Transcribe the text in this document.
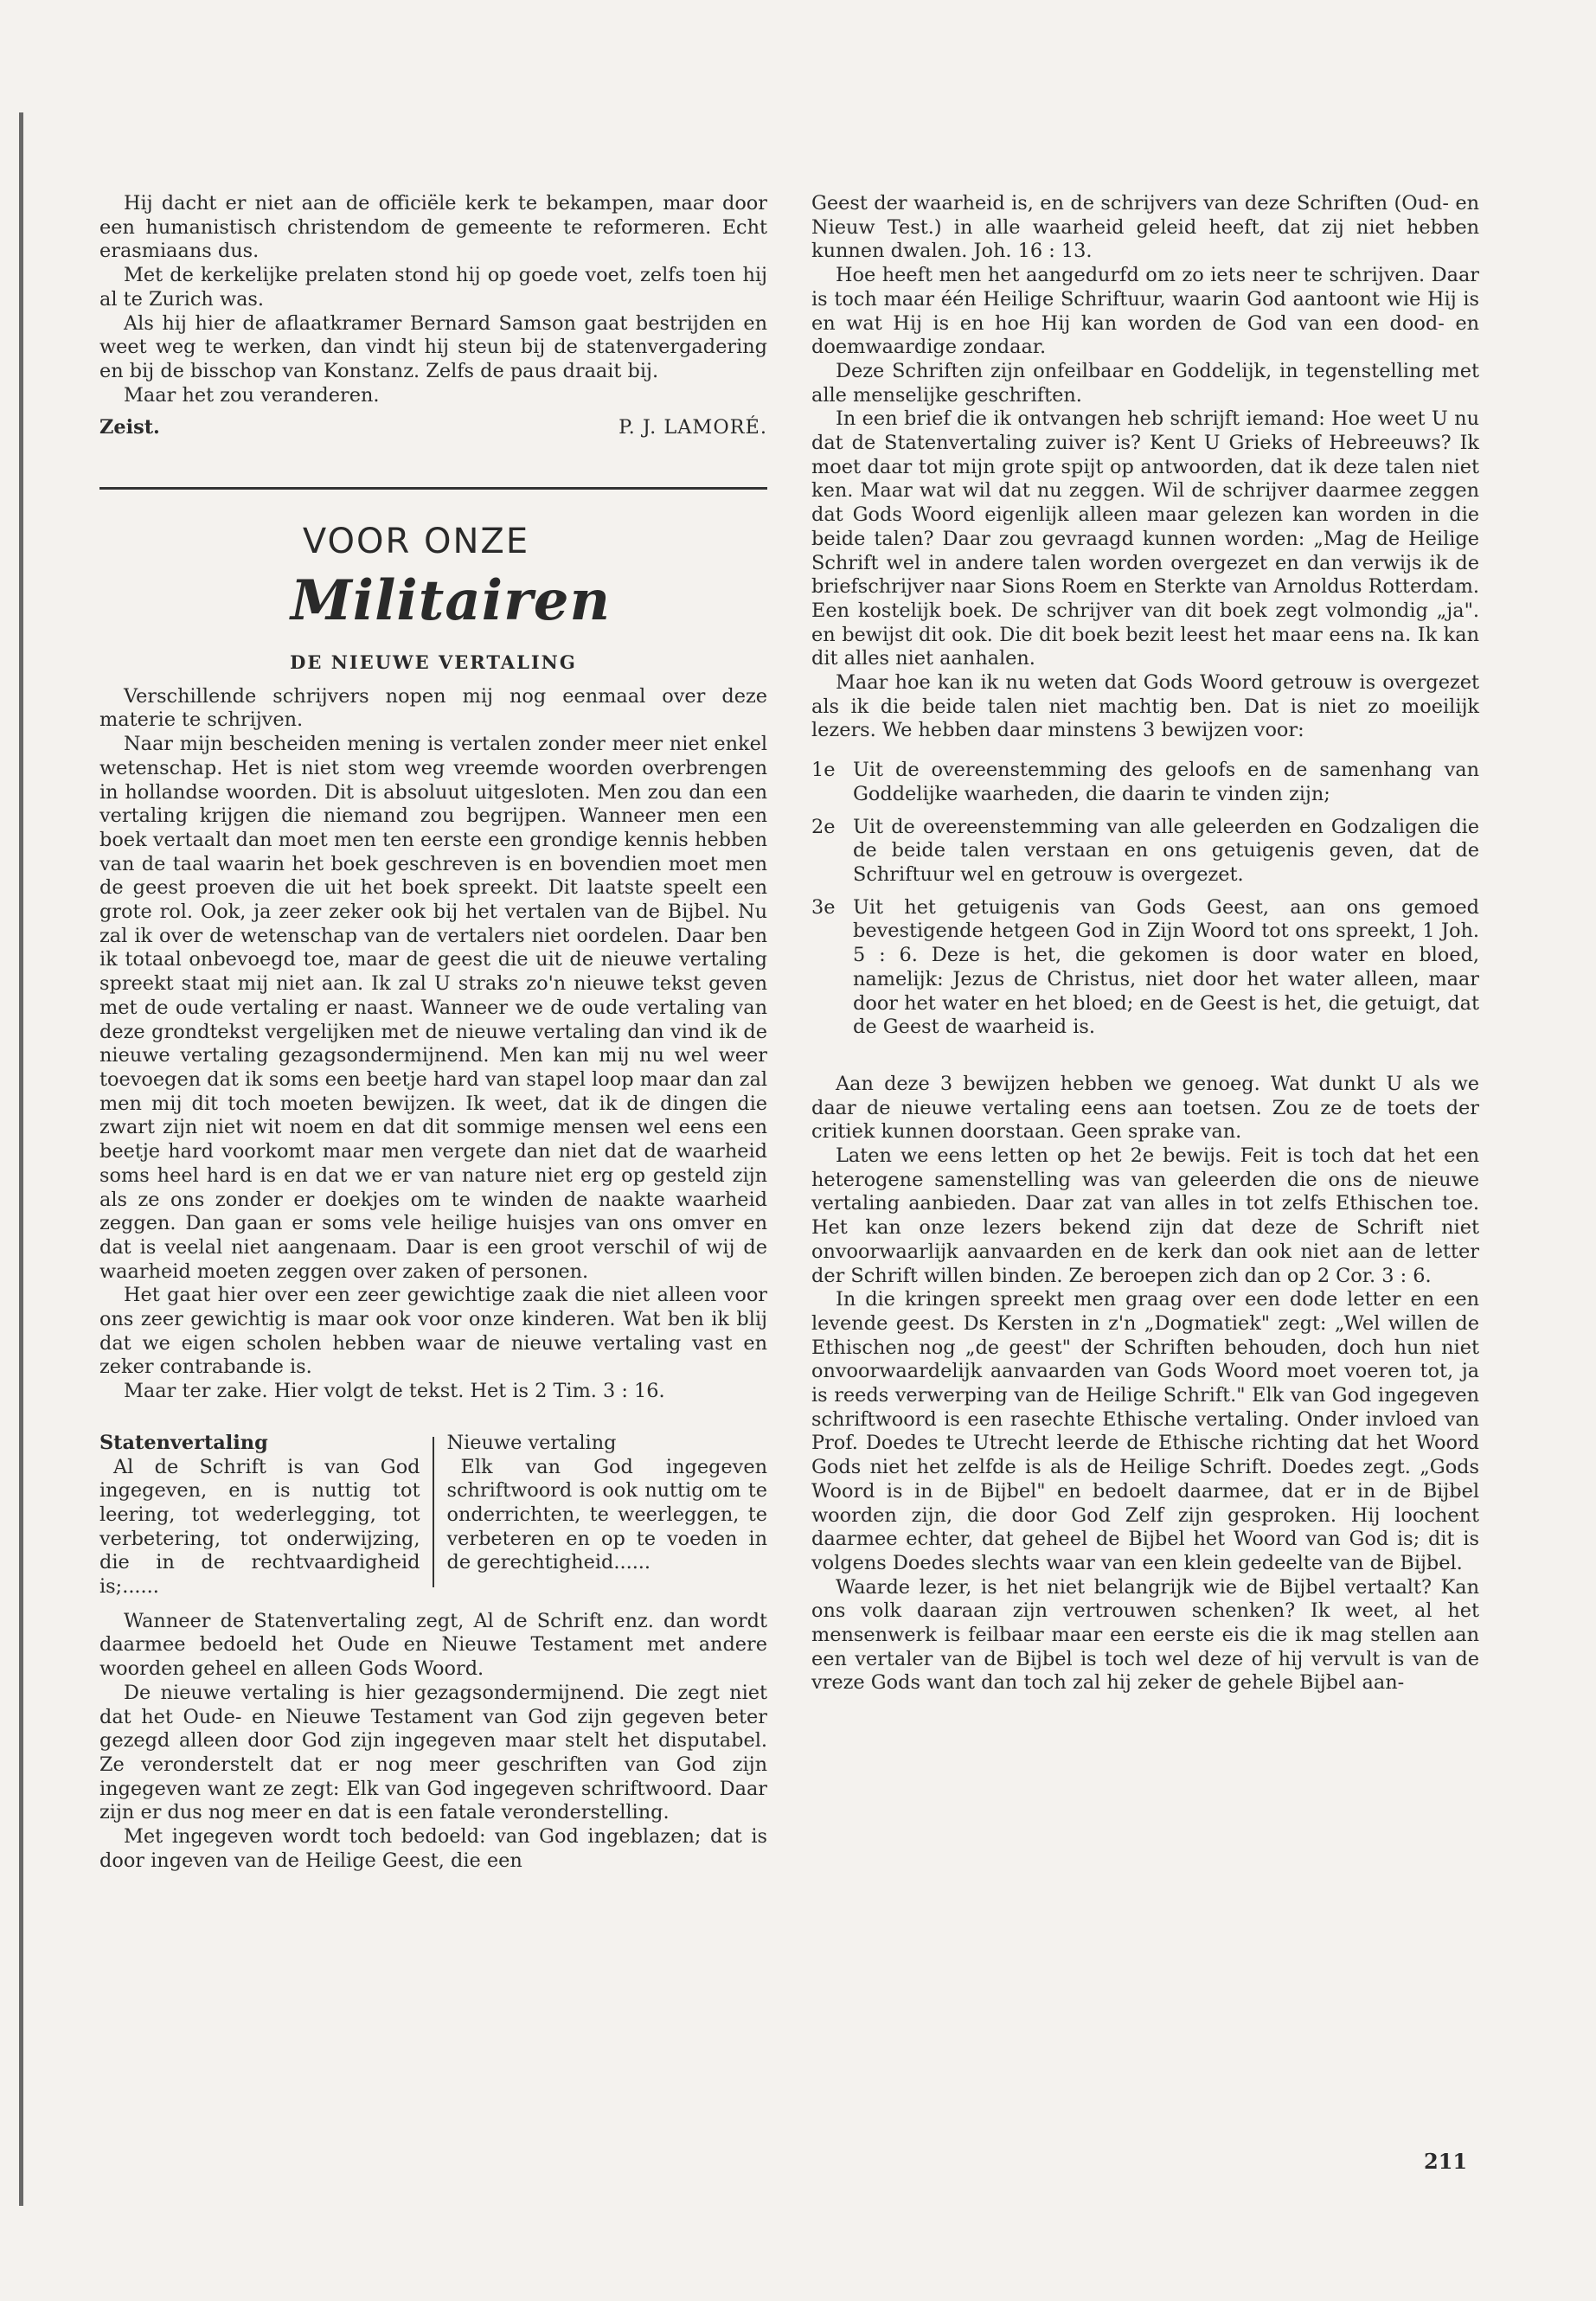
Hij dacht er niet aan de officiële kerk te bekampen, maar door een humanistisch christendom de gemeente te reformeren. Echt erasmiaans dus.

Met de kerkelijke prelaten stond hij op goede voet, zelfs toen hij al te Zurich was.

Als hij hier de aflaatkramer Bernard Samson gaat bestrijden en weet weg te werken, dan vindt hij steun bij de statenvergadering en bij de bisschop van Konstanz. Zelfs de paus draait bij.

Maar het zou veranderen.

Zeist.	P. J. LAMORÉ.
VOOR ONZE
Militairen
DE NIEUWE VERTALING

Verschillende schrijvers nopen mij nog eenmaal over deze materie te schrijven.

Naar mijn bescheiden mening is vertalen zonder meer niet enkel wetenschap. Het is niet stom weg vreemde woorden overbrengen in hollandse woorden. Dit is absoluut uitgesloten. Men zou dan een vertaling krijgen die niemand zou begrijpen. Wanneer men een boek vertaalt dan moet men ten eerste een grondige kennis hebben van de taal waarin het boek geschreven is en bovendien moet men de geest proeven die uit het boek spreekt. Dit laatste speelt een grote rol. Ook, ja zeer zeker ook bij het vertalen van de Bijbel. Nu zal ik over de wetenschap van de vertalers niet oordelen. Daar ben ik totaal onbevoegd toe, maar de geest die uit de nieuwe vertaling spreekt staat mij niet aan. Ik zal U straks zo'n nieuwe tekst geven met de oude vertaling er naast. Wanneer we de oude vertaling van deze grondtekst vergelijken met de nieuwe vertaling dan vind ik de nieuwe vertaling gezagsondermijnend. Men kan mij nu wel weer toevoegen dat ik soms een beetje hard van stapel loop maar dan zal men mij dit toch moeten bewijzen. Ik weet, dat ik de dingen die zwart zijn niet wit noem en dat dit sommige mensen wel eens een beetje hard voorkomt maar men vergete dan niet dat de waarheid soms heel hard is en dat we er van nature niet erg op gesteld zijn als ze ons zonder er doekjes om te winden de naakte waarheid zeggen. Dan gaan er soms vele heilige huisjes van ons omver en dat is veelal niet aangenaam. Daar is een groot verschil of wij de waarheid moeten zeggen over zaken of personen.

Het gaat hier over een zeer gewichtige zaak die niet alleen voor ons zeer gewichtig is maar ook voor onze kinderen. Wat ben ik blij dat we eigen scholen hebben waar de nieuwe vertaling vast en zeker contrabande is.

Maar ter zake. Hier volgt de tekst. Het is 2 Tim. 3 : 16.

Statenvertaling

Al de Schrift is van God ingegeven, en is nuttig tot leering, tot wederlegging, tot verbetering, tot onderwijzing, die in de rechtvaardigheid is;......

Nieuwe vertaling

Elk van God ingegeven schriftwoord is ook nuttig om te onderrichten, te weerleggen, te verbeteren en op te voeden in de gerechtigheid......

Wanneer de Statenvertaling zegt, Al de Schrift enz. dan wordt daarmee bedoeld het Oude en Nieuwe Testament met andere woorden geheel en alleen Gods Woord.

De nieuwe vertaling is hier gezagsondermijnend. Die zegt niet dat het Oude- en Nieuwe Testament van God zijn gegeven beter gezegd alleen door God zijn ingegeven maar stelt het disputabel. Ze veronderstelt dat er nog meer geschriften van God zijn ingegeven want ze zegt: Elk van God ingegeven schriftwoord. Daar zijn er dus nog meer en dat is een fatale veronderstelling.

Met ingegeven wordt toch bedoeld: van God ingeblazen; dat is door ingeven van de Heilige Geest, die een

Geest der waarheid is, en de schrijvers van deze Schriften (Oud- en Nieuw Test.) in alle waarheid geleid heeft, dat zij niet hebben kunnen dwalen. Joh. 16 : 13.

Hoe heeft men het aangedurfd om zo iets neer te schrijven. Daar is toch maar één Heilige Schriftuur, waarin God aantoont wie Hij is en wat Hij is en hoe Hij kan worden de God van een dood- en doemwaardige zondaar.

Deze Schriften zijn onfeilbaar en Goddelijk, in tegenstelling met alle menselijke geschriften.

In een brief die ik ontvangen heb schrijft iemand: Hoe weet U nu dat de Statenvertaling zuiver is? Kent U Grieks of Hebreeuws? Ik moet daar tot mijn grote spijt op antwoorden, dat ik deze talen niet ken. Maar wat wil dat nu zeggen. Wil de schrijver daarmee zeggen dat Gods Woord eigenlijk alleen maar gelezen kan worden in die beide talen? Daar zou gevraagd kunnen worden: „Mag de Heilige Schrift wel in andere talen worden overgezet en dan verwijs ik de briefschrijver naar Sions Roem en Sterkte van Arnoldus Rotterdam. Een kostelijk boek. De schrijver van dit boek zegt volmondig „ja". en bewijst dit ook. Die dit boek bezit leest het maar eens na. Ik kan dit alles niet aanhalen.

Maar hoe kan ik nu weten dat Gods Woord getrouw is overgezet als ik die beide talen niet machtig ben. Dat is niet zo moeilijk lezers. We hebben daar minstens 3 bewijzen voor:

1e Uit de overeenstemming des geloofs en de samenhang van Goddelijke waarheden, die daarin te vinden zijn;
2e Uit de overeenstemming van alle geleerden en Godzaligen die de beide talen verstaan en ons getuigenis geven, dat de Schriftuur wel en getrouw is overgezet.
3e Uit het getuigenis van Gods Geest, aan ons gemoed bevestigende hetgeen God in Zijn Woord tot ons spreekt, 1 Joh. 5 : 6. Deze is het, die gekomen is door water en bloed, namelijk: Jezus de Christus, niet door het water alleen, maar door het water en het bloed; en de Geest is het, die getuigt, dat de Geest de waarheid is.

Aan deze 3 bewijzen hebben we genoeg. Wat dunkt U als we daar de nieuwe vertaling eens aan toetsen. Zou ze de toets der critiek kunnen doorstaan. Geen sprake van.

Laten we eens letten op het 2e bewijs. Feit is toch dat het een heterogene samenstelling was van geleerden die ons de nieuwe vertaling aanbieden. Daar zat van alles in tot zelfs Ethischen toe. Het kan onze lezers bekend zijn dat deze de Schrift niet onvoorwaarlijk aanvaarden en de kerk dan ook niet aan de letter der Schrift willen binden. Ze beroepen zich dan op 2 Cor. 3 : 6.

In die kringen spreekt men graag over een dode letter en een levende geest. Ds Kersten in z'n „Dogmatiek" zegt: „Wel willen de Ethischen nog „de geest" der Schriften behouden, doch hun niet onvoorwaardelijk aanvaarden van Gods Woord moet voeren tot, ja is reeds verwerping van de Heilige Schrift." Elk van God ingegeven schriftwoord is een rasechte Ethische vertaling. Onder invloed van Prof. Doedes te Utrecht leerde de Ethische richting dat het Woord Gods niet het zelfde is als de Heilige Schrift. Doedes zegt. „Gods Woord is in de Bijbel" en bedoelt daarmee, dat er in de Bijbel woorden zijn, die door God Zelf zijn gesproken. Hij loochent daarmee echter, dat geheel de Bijbel het Woord van God is; dit is volgens Doedes slechts waar van een klein gedeelte van de Bijbel.

Waarde lezer, is het niet belangrijk wie de Bijbel vertaalt? Kan ons volk daaraan zijn vertrouwen schenken? Ik weet, al het mensenwerk is feilbaar maar een eerste eis die ik mag stellen aan een vertaler van de Bijbel is toch wel deze of hij vervult is van de vreze Gods want dan toch zal hij zeker de gehele Bijbel aan-

211
